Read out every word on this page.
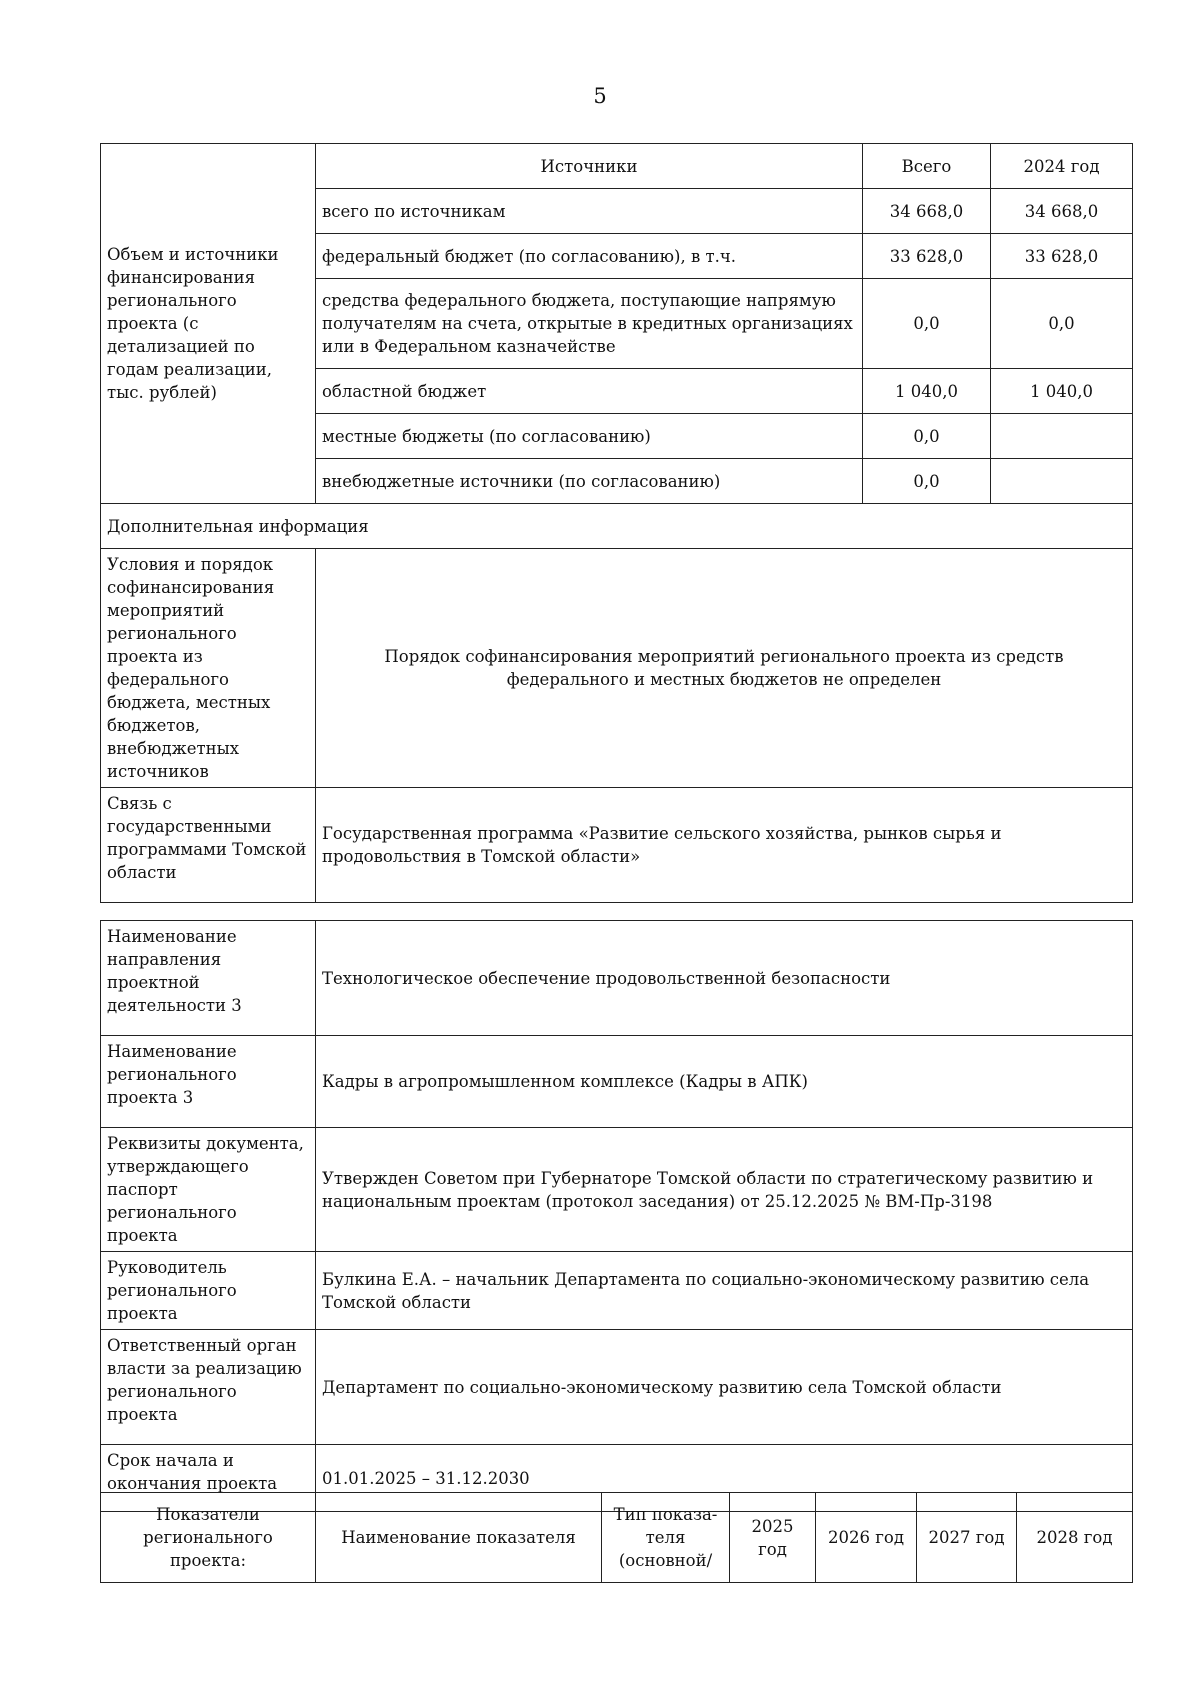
5
Объем и источники финансирования регионального проекта (с детализацией по годам реализации, тыс. рублей)	Источники	Всего	2024 год
	всего по источникам	34 668,0	34 668,0
	федеральный бюджет (по согласованию), в т.ч.	33 628,0	33 628,0
	средства федерального бюджета, поступающие напрямую получателям на счета, открытые в кредитных организациях или в Федеральном казначействе	0,0	0,0
	областной бюджет	1 040,0	1 040,0
	местные бюджеты (по согласованию)	0,0	
	внебюджетные источники (по согласованию)	0,0	
Дополнительная информация			
Условия и порядок софинансирования мероприятий регионального проекта из федерального бюджета, местных бюджетов, внебюджетных источников	Порядок софинансирования мероприятий регионального проекта из средств федерального и местных бюджетов не определен		
Связь с государственными программами Томской области	Государственная программа «Развитие сельского хозяйства, рынков сырья и продовольствия в Томской области»		
Наименование направления проектной деятельности 3	Технологическое обеспечение продовольственной безопасности
Наименование регионального проекта 3	Кадры в агропромышленном комплексе (Кадры в АПК)
Реквизиты документа, утверждающего паспорт регионального проекта	Утвержден Советом при Губернаторе Томской области по стратегическому развитию и национальным проектам (протокол заседания) от 25.12.2025 № ВМ-Пр-3198
Руководитель регионального проекта	Булкина Е.А. – начальник Департамента по социально-экономическому развитию села Томской области
Ответственный орган власти за реализацию регионального проекта	Департамент по социально-экономическому развитию села Томской области
Срок начала и окончания проекта	01.01.2025 – 31.12.2030
Показатели регионального проекта:	Наименование показателя	Тип показа-теля (основной/	2025 год	2026 год	2027 год	2028 год
